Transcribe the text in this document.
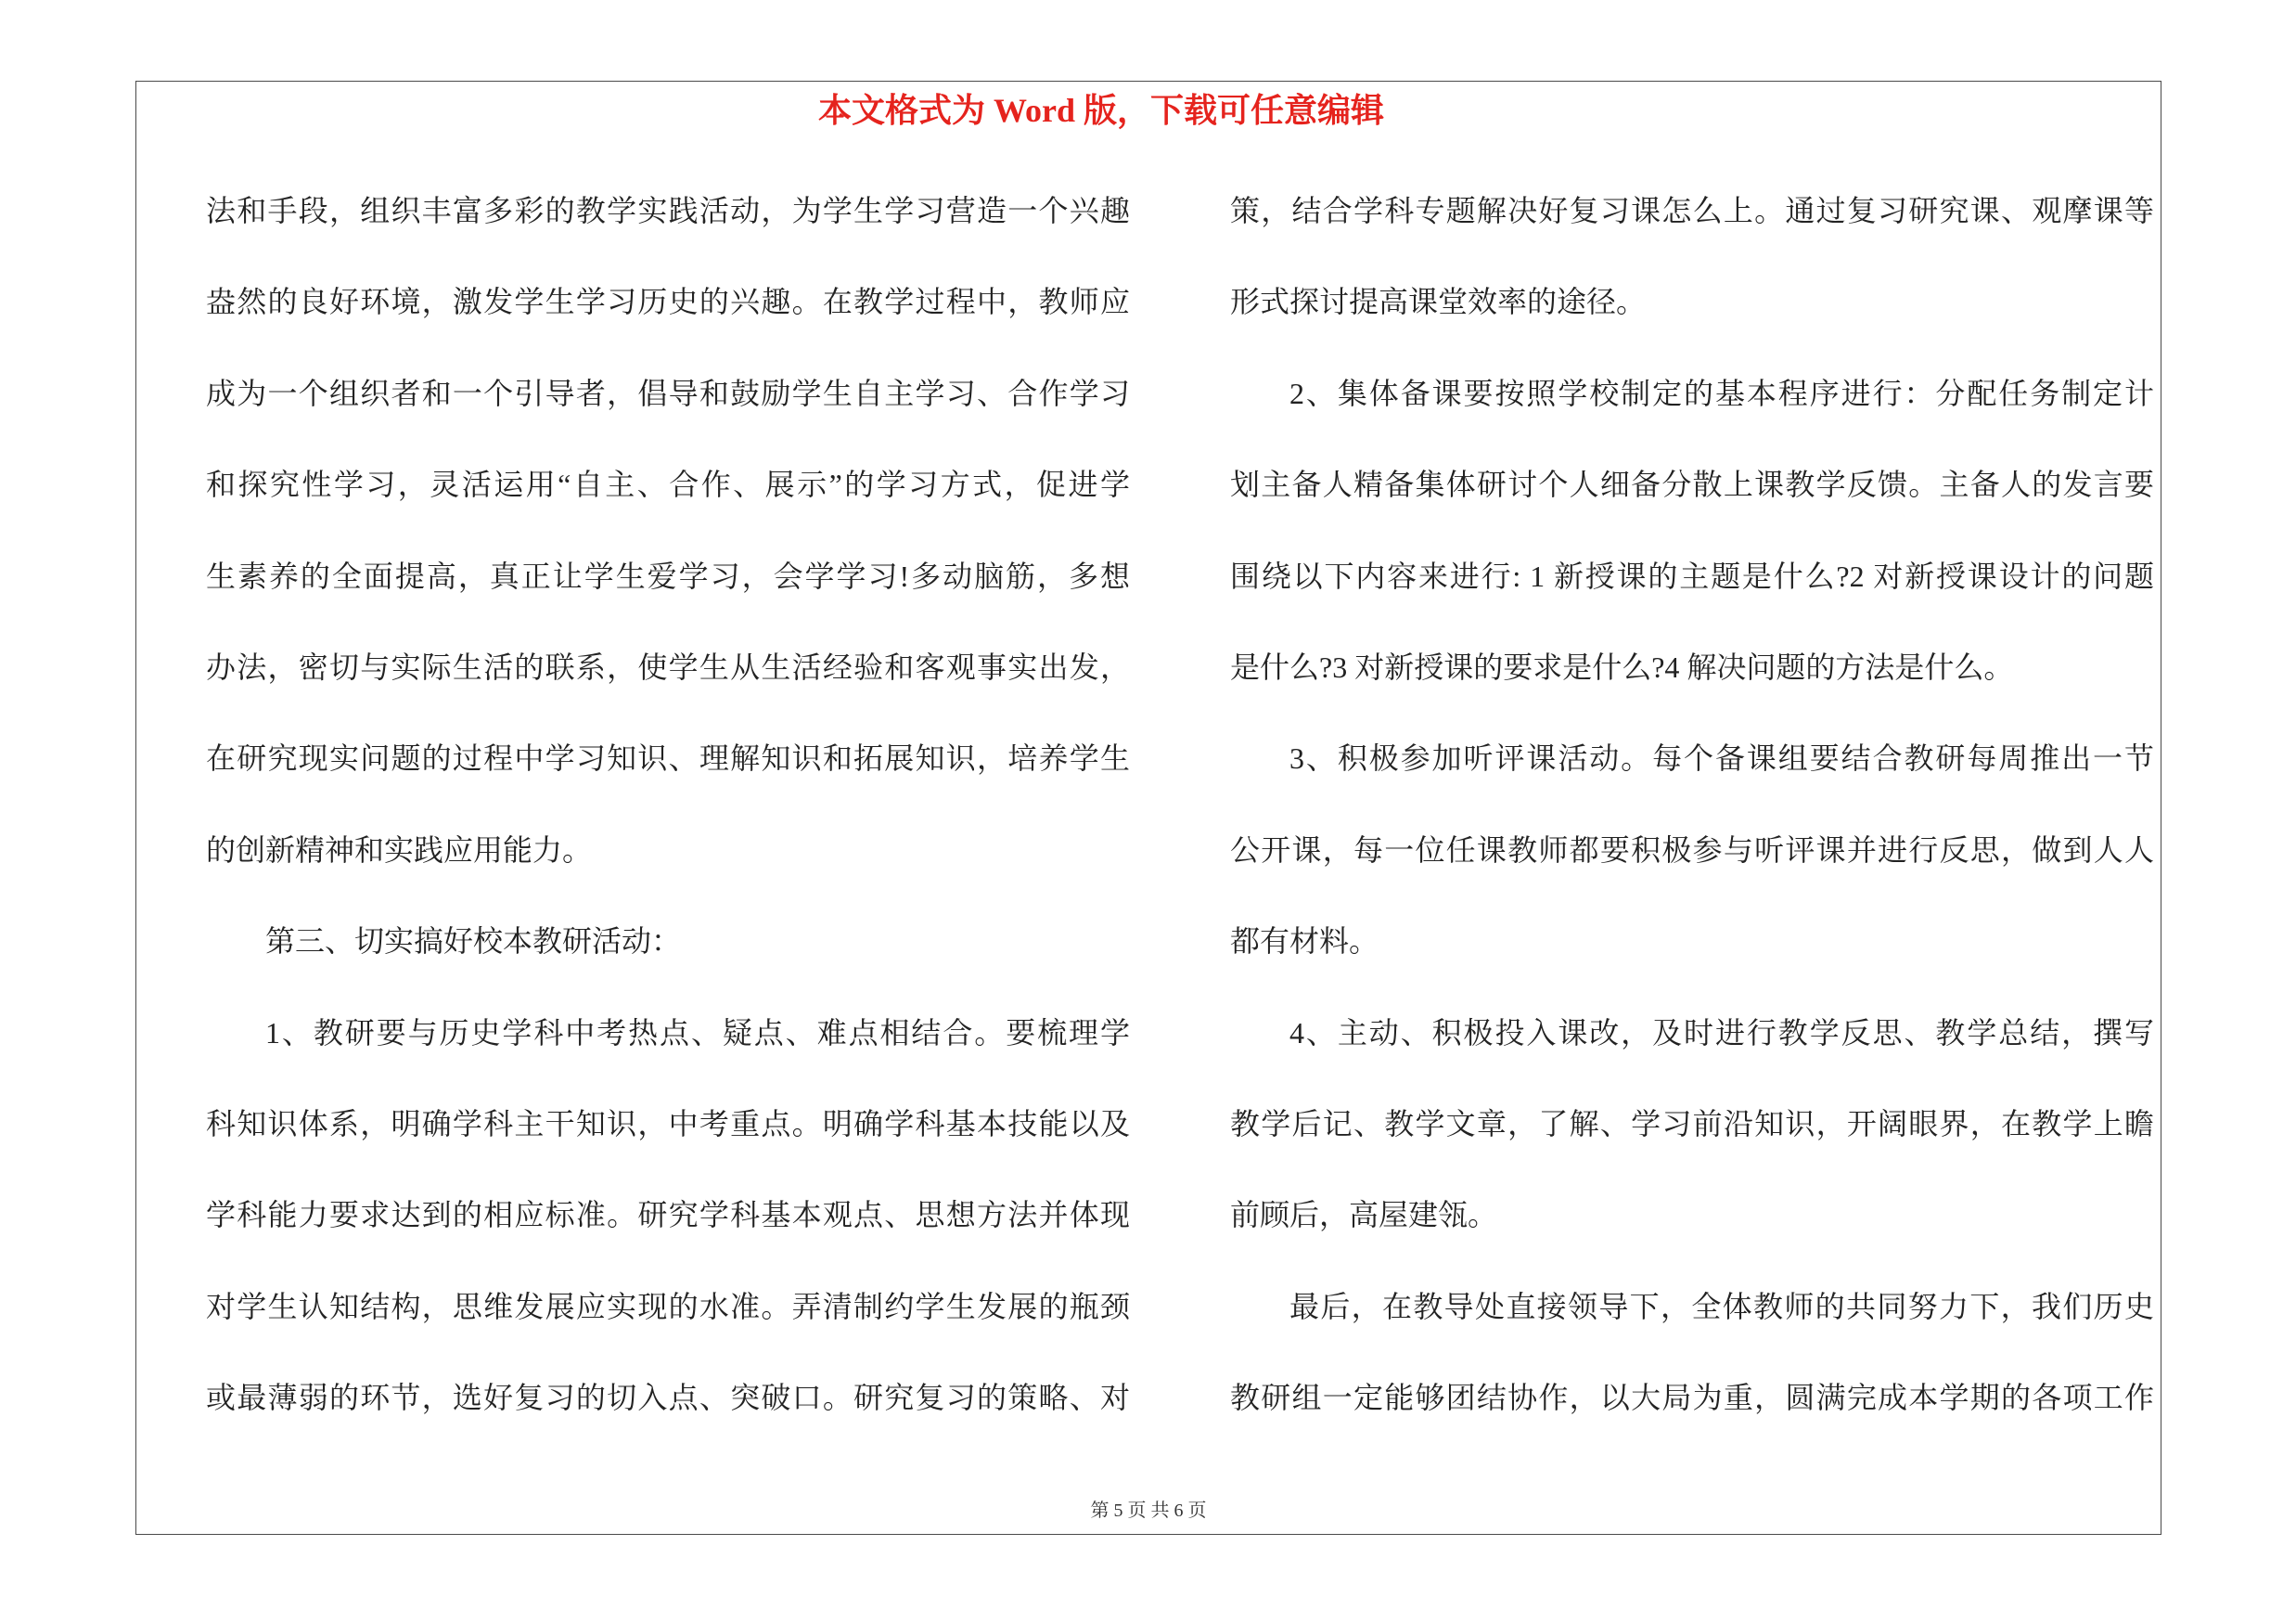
本文格式为 Word 版，下载可任意编辑
法和手段，组织丰富多彩的教学实践活动，为学生学习营造一个兴趣
盎然的良好环境，激发学生学习历史的兴趣。在教学过程中，教师应
成为一个组织者和一个引导者，倡导和鼓励学生自主学习、合作学习
和探究性学习，灵活运用“自主、合作、展示”的学习方式，促进学
生素养的全面提高，真正让学生爱学习，会学学习!多动脑筋，多想
办法，密切与实际生活的联系，使学生从生活经验和客观事实出发，
在研究现实问题的过程中学习知识、理解知识和拓展知识，培养学生
的创新精神和实践应用能力。
第三、切实搞好校本教研活动：
1、教研要与历史学科中考热点、疑点、难点相结合。要梳理学
科知识体系，明确学科主干知识，中考重点。明确学科基本技能以及
学科能力要求达到的相应标准。研究学科基本观点、思想方法并体现
对学生认知结构，思维发展应实现的水准。弄清制约学生发展的瓶颈
或最薄弱的环节，选好复习的切入点、突破口。研究复习的策略、对
策，结合学科专题解决好复习课怎么上。通过复习研究课、观摩课等
形式探讨提高课堂效率的途径。
2、集体备课要按照学校制定的基本程序进行：分配任务制定计
划主备人精备集体研讨个人细备分散上课教学反馈。主备人的发言要
围绕以下内容来进行: 1 新授课的主题是什么?2 对新授课设计的问题
是什么?3 对新授课的要求是什么?4 解决问题的方法是什么。
3、积极参加听评课活动。每个备课组要结合教研每周推出一节
公开课，每一位任课教师都要积极参与听评课并进行反思，做到人人
都有材料。
4、主动、积极投入课改，及时进行教学反思、教学总结，撰写
教学后记、教学文章，了解、学习前沿知识，开阔眼界，在教学上瞻
前顾后，高屋建瓴。
最后，在教导处直接领导下，全体教师的共同努力下，我们历史
教研组一定能够团结协作，以大局为重，圆满完成本学期的各项工作
第 5 页 共 6 页
